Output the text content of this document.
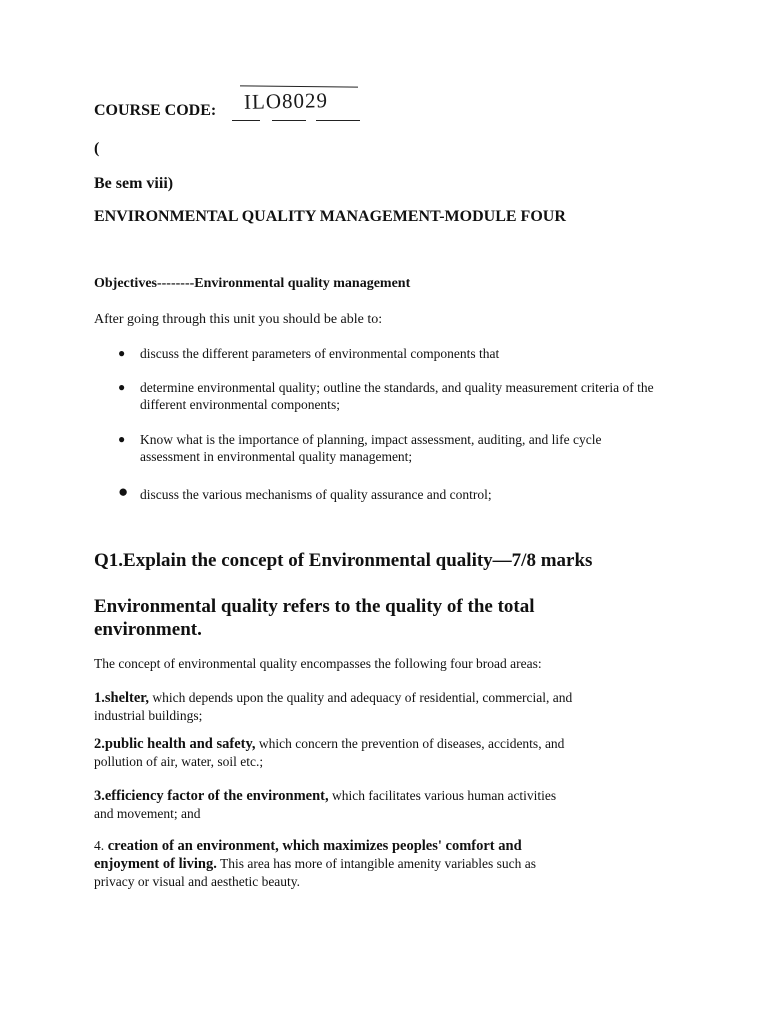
COURSE CODE: ILO8029
(
Be sem viii)
ENVIRONMENTAL QUALITY MANAGEMENT-MODULE FOUR
Objectives--------Environmental quality management
After going through this unit you should be able to:
● discuss the different parameters of environmental components that
● determine environmental quality; outline the standards, and quality measurement criteria of the different environmental components;
● Know what is the importance of planning, impact assessment, auditing, and life cycle assessment in environmental quality management;
● discuss the various mechanisms of quality assurance and control;
Q1.Explain the concept of Environmental quality—7/8 marks
Environmental quality refers to the quality of the total environment.
The concept of environmental quality encompasses the following four broad areas:
1.shelter, which depends upon the quality and adequacy of residential, commercial, and industrial buildings;
2.public health and safety, which concern the prevention of diseases, accidents, and pollution of air, water, soil etc.;
3.efficiency factor of the environment, which facilitates various human activities and movement; and
4. creation of an environment, which maximizes peoples' comfort and enjoyment of living. This area has more of intangible amenity variables such as privacy or visual and aesthetic beauty.
